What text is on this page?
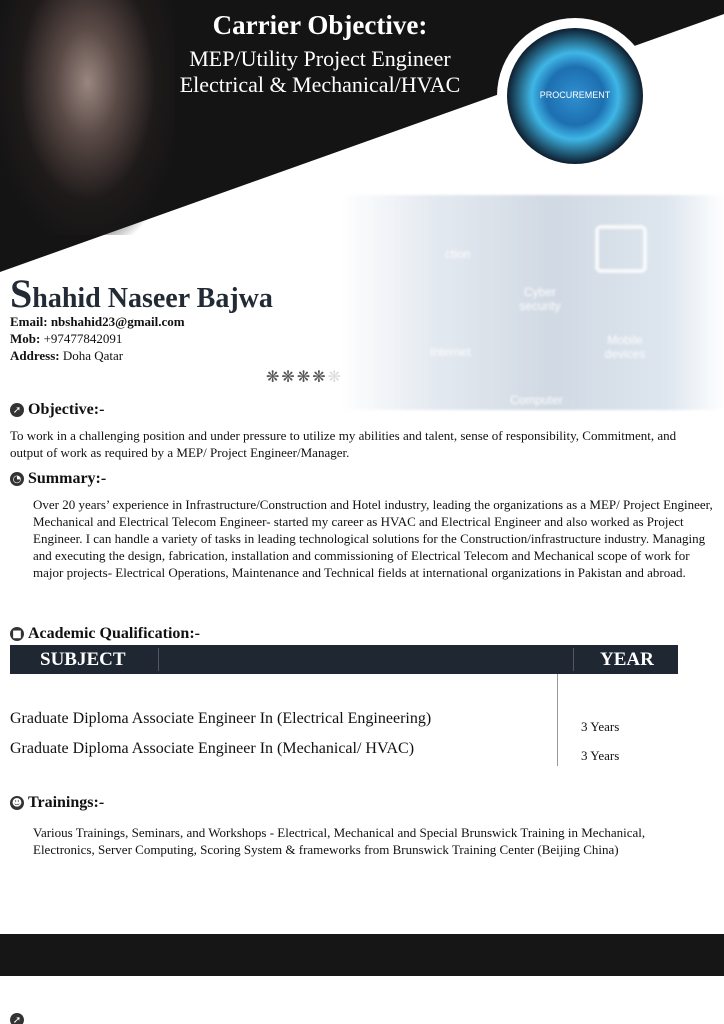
ction
Cyber security
Internet
Mobile devices
Computer
Carrier Objective:
MEP/Utility Project Engineer
Electrical & Mechanical/HVAC	PROCUREMENT
Shahid Naseer Bajwa
Email: nbshahid23@gmail.com
Mob: +97477842091
Address: Doha Qatar
❋❋❋❋❋
➚ Objective:-
To work in a challenging position and under pressure to utilize my abilities and talent, sense of responsibility, Commitment, and output of work as required by a MEP/ Project Engineer/Manager.
◔ Summary:-
Over 20 years’ experience in Infrastructure/Construction and Hotel industry, leading the organizations as a MEP/ Project Engineer, Mechanical and Electrical Telecom Engineer- started my career as HVAC and Electrical Engineer and also worked as Project Engineer. I can handle a variety of tasks in leading technological solutions for the Construction/infrastructure industry. Managing and executing the design, fabrication, installation and commissioning of Electrical Telecom and Mechanical scope of work for major projects- Electrical Operations, Maintenance and Technical fields at international organizations in Pakistan and abroad.
■ Academic Qualification:-
SUBJECT	YEAR
Graduate Diploma Associate Engineer In (Electrical Engineering)	3 Years
Graduate Diploma Associate Engineer In (Mechanical/ HVAC)	3 Years
☻ Trainings:-
Various Trainings, Seminars, and Workshops - Electrical, Mechanical and Special Brunswick Training in Mechanical, Electronics, Server Computing, Scoring System & frameworks from Brunswick Training Center (Beijing China)
➚
